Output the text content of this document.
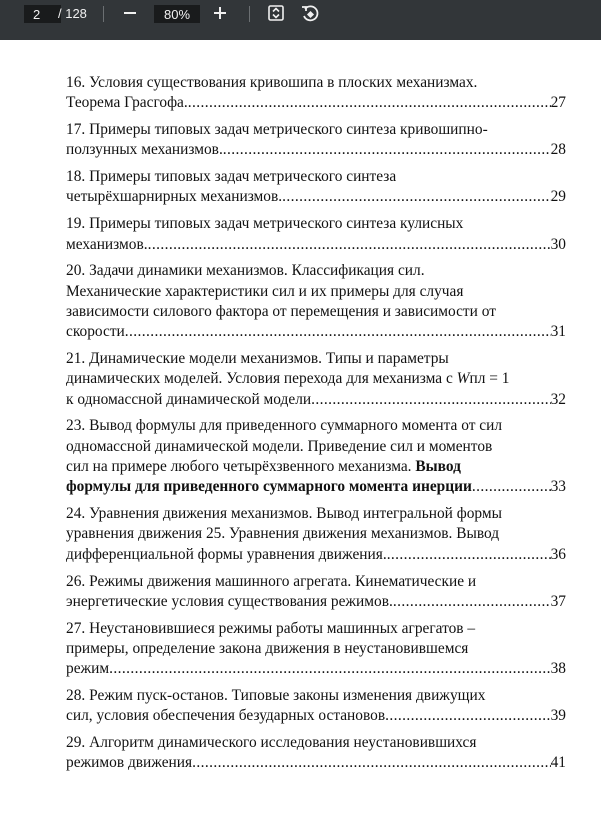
2
/ 128
80%
16. Условия существования кривошипа в плоских механизмах.
Теорема Грасгофа. .....	27
17. Примеры типовых задач метрического синтеза кривошипно-
ползунных механизмов. .....	28
18. Примеры типовых задач метрического синтеза
четырёхшарнирных механизмов. .....	29
19. Примеры типовых задач метрического синтеза кулисных
механизмов. .....	30
20. Задачи динамики механизмов. Классификация сил.
Механические характеристики сил и их примеры для случая
зависимости силового фактора от перемещения и зависимости от
скорости .....	31
21. Динамические модели механизмов. Типы и параметры
динамических моделей. Условия перехода для механизма с Wпл = 1
к одномассной динамической модели .....	32
23. Вывод формулы для приведенного суммарного момента от сил
одномассной динамической модели. Приведение сил и моментов
сил на примере любого четырёхзвенного механизма. Вывод
формулы для приведенного суммарного момента инерции .....	33
24. Уравнения движения механизмов. Вывод интегральной формы
уравнения движения 25. Уравнения движения механизмов. Вывод
дифференциальной формы уравнения движения. .....	36
26. Режимы движения машинного агрегата. Кинематические и
энергетические условия существования режимов. .....	37
27. Неустановившиеся режимы работы машинных агрегатов –
примеры, определение закона движения в неустановившемся
режим .....	38
28. Режим пуск-останов. Типовые законы изменения движущих
сил, условия обеспечения безударных остановов .....	39
29. Алгоритм динамического исследования неустановившихся
режимов движения .....	41
